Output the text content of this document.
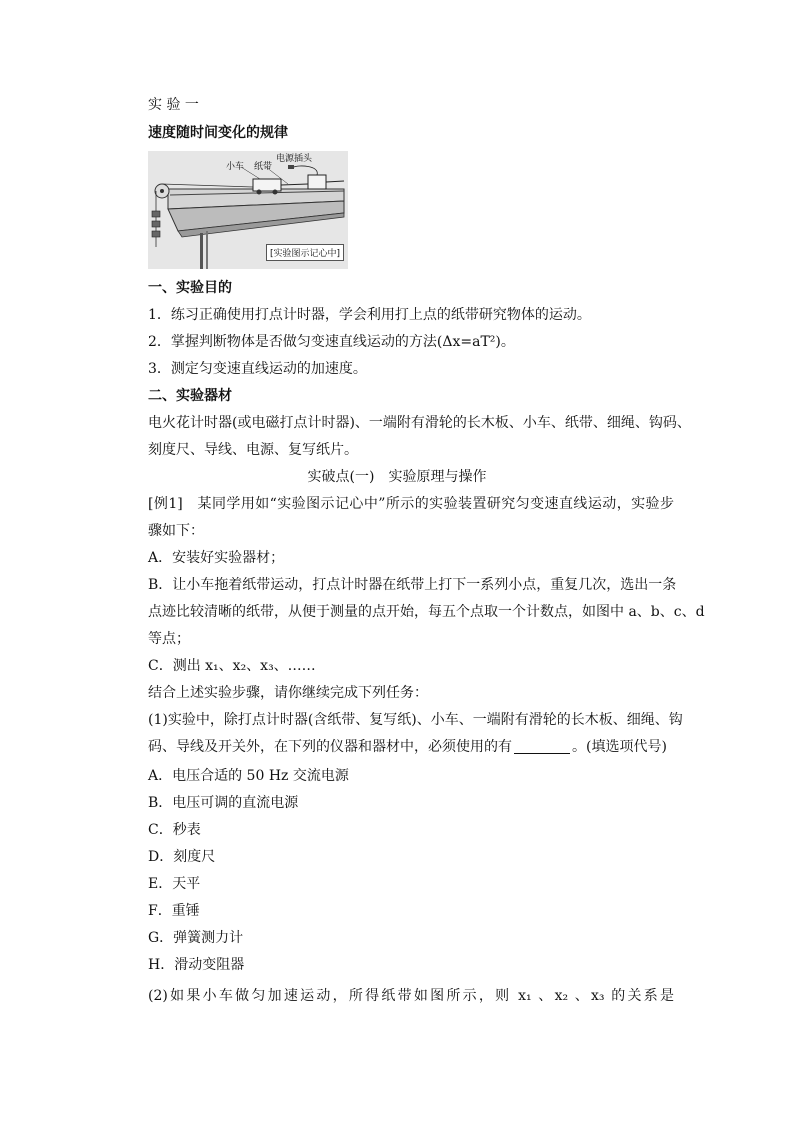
实 验 一
速度随时间变化的规律
小车 纸带
电源插头
[实验图示记心中]
一、实验目的
1．练习正确使用打点计时器，学会利用打上点的纸带研究物体的运动。
2．掌握判断物体是否做匀变速直线运动的方法(Δx=aT²)。
3．测定匀变速直线运动的加速度。
二、实验器材
电火花计时器(或电磁打点计时器)、一端附有滑轮的长木板、小车、纸带、细绳、钩码、
刻度尺、导线、电源、复写纸片。
实破点(一)　实验原理与操作
[例1]　某同学用如“实验图示记心中”所示的实验装置研究匀变速直线运动，实验步
骤如下：
A．安装好实验器材；
B．让小车拖着纸带运动，打点计时器在纸带上打下一系列小点，重复几次，选出一条
点迹比较清晰的纸带，从便于测量的点开始，每五个点取一个计数点，如图中 a、b、c、d
等点；
C．测出 x₁、x₂、x₃、……
结合上述实验步骤，请你继续完成下列任务：
(1)实验中，除打点计时器(含纸带、复写纸)、小车、一端附有滑轮的长木板、细绳、钩
码、导线及开关外，在下列的仪器和器材中，必须使用的有	。(填选项代号)
A．电压合适的 50 Hz 交流电源
B．电压可调的直流电源
C．秒表
D．刻度尺
E．天平
F．重锤
G．弹簧测力计
H．滑动变阻器
(2)如果小车做匀加速运动，所得纸带如图所示，则 x₁ 、x₂ 、x₃ 的关系是
